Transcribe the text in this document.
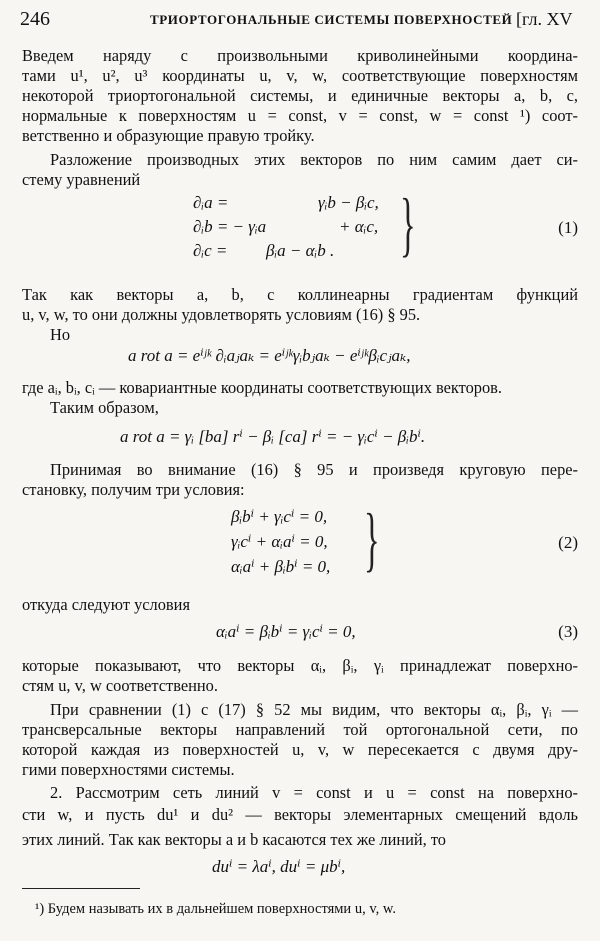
246	ТРИОРТОГОНАЛЬНЫЕ СИСТЕМЫ ПОВЕРХНОСТЕЙ [гл. XV
Введем наряду с произвольными криволинейными координа-
тами u¹, u², u³ координаты u, v, w, соответствующие поверхностям
некоторой триортогональной системы, и единичные векторы a, b, c,
нормальные к поверхностям u = const, v = const, w = const ¹) соот-
ветственно и образующие правую тройку.
Разложение производных этих векторов по ним самим дает си-
стему уравнений
∂ᵢa =	γᵢb − βᵢc,
∂ᵢb = − γᵢa	+ αᵢc,
∂ᵢc = βᵢa − αᵢb . }	(1)
Так как векторы a, b, c коллинеарны градиентам функций
u, v, w, то они должны удовлетворять условиям (16) § 95.
Но
a rot a = eⁱʲᵏ ∂ᵢaⱼaₖ = eⁱʲᵏγᵢbⱼaₖ − eⁱʲᵏβᵢcⱼaₖ,
где aᵢ, bᵢ, cᵢ — ковариантные координаты соответствующих векторов.
Таким образом,
a rot a = γᵢ [ba] rⁱ − βᵢ [ca] rⁱ = − γᵢcⁱ − βᵢbⁱ.
Принимая во внимание (16) § 95 и произведя круговую пере-
становку, получим три условия:
βᵢbⁱ + γᵢcⁱ = 0,
γᵢcⁱ + αᵢaⁱ = 0,
αᵢaⁱ + βᵢbⁱ = 0, }	(2)
откуда следуют условия
αᵢaⁱ = βᵢbⁱ = γᵢcⁱ = 0,	(3)
которые показывают, что векторы αᵢ, βᵢ, γᵢ принадлежат поверхно-
стям u, v, w соответственно.
При сравнении (1) с (17) § 52 мы видим, что векторы αᵢ, βᵢ, γᵢ —
трансверсальные векторы направлений той ортогональной сети, по
которой каждая из поверхностей u, v, w пересекается с двумя дру-
гими поверхностями системы.
2. Рассмотрим сеть линий v = const и u = const на поверхно-
сти w, и пусть du¹ и du² — векторы элементарных смещений вдоль
этих линий. Так как векторы a и b касаются тех же линий, то
duⁱ = λaⁱ, duⁱ = μbⁱ,
¹) Будем называть их в дальнейшем поверхностями u, v, w.
